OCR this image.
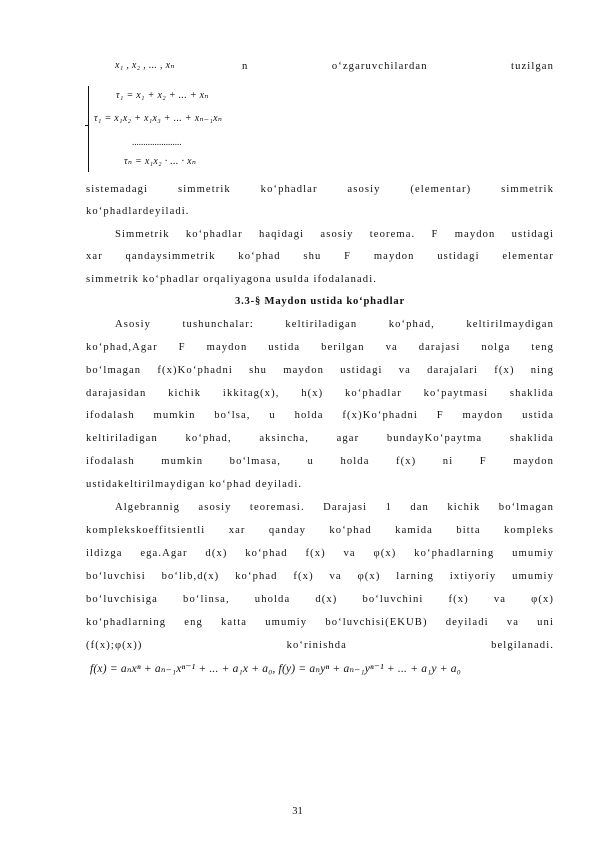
x₁ , x₂ , ... , xₙ	n	o‘zgaruvchilardan	tuzilgan
τ₁ = x₁ + x₂ + ... + xₙ
τ₁ = x₁x₂ + x₁x₃ + ... + xₙ₋₁xₙ
......................
τₙ = x₁x₂ · ... · xₙ
sistemadagi simmetrik ko‘phadlar asosiy (elementar) simmetrik
ko‘phadlardeyiladi.
Simmetrik ko‘phadlar haqidagi asosiy teorema. F maydon ustidagi
xar qandaysimmetrik ko‘phad shu F maydon ustidagi elementar
simmetrik ko‘phadlar orqaliyagona usulda ifodalanadi.
3.3-§ Maydon ustida ko‘phadlar
Asosiy tushunchalar: keltiriladigan ko‘phad, keltirilmaydigan
ko‘phad,Agar F maydon ustida berilgan va darajasi nolga teng
bo‘lmagan f(x)Ko‘phadni shu maydon ustidagi va darajalari f(x) ning
darajasidan kichik ikkitag(x), h(x) ko‘phadlar ko‘paytmasi shaklida
ifodalash mumkin bo‘lsa, u holda f(x)Ko‘phadni F maydon ustida
keltiriladigan ko‘phad, aksincha, agar bundayKo‘paytma shaklida
ifodalash mumkin bo‘lmasa, u holda f(x) ni F maydon
ustidakeltirilmaydigan ko‘phad deyiladi.
Algebrannig asosiy teoremasi. Darajasi 1 dan kichik bo‘lmagan
komplekskoeffitsientli xar qanday ko‘phad kamida bitta kompleks
ildizga ega.Agar d(x) ko‘phad f(x) va φ(x) ko‘phadlarning umumiy
bo‘luvchisi bo‘lib,d(x) ko‘phad f(x) va φ(x) larning ixtiyoriy umumiy
bo‘luvchisiga bo‘linsa, uholda d(x) bo‘luvchini f(x) va φ(x)
ko‘phadlarning eng katta umumiy bo‘luvchisi(EKUB) deyiladi va uni
(f(x);φ(x)) ko‘rinishda belgilanadi.
f(x) = aₙxⁿ + aₙ₋₁xⁿ⁻¹ + ... + a₁x + a₀, f(y) = aₙyⁿ + aₙ₋₁yⁿ⁻¹ + ... + a₁y + a₀
31
